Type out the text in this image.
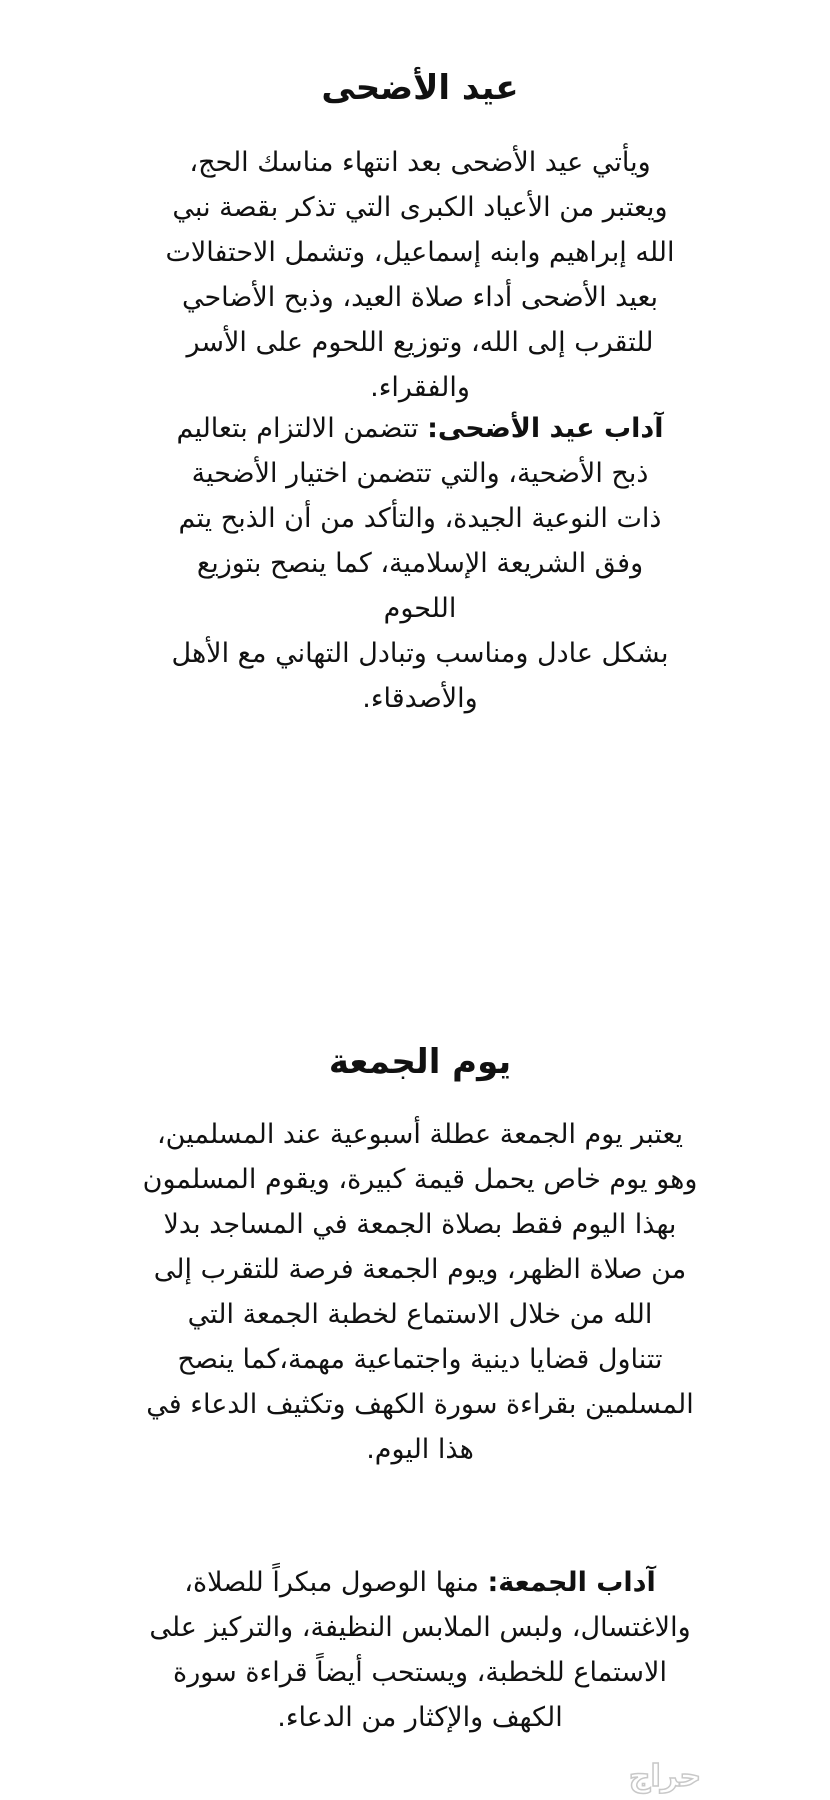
عيد الأضحى

ويأتي عيد الأضحى بعد انتهاء مناسك الحج،
ويعتبر من الأعياد الكبرى التي تذكر بقصة نبي
الله إبراهيم وابنه إسماعيل، وتشمل الاحتفالات
بعيد الأضحى أداء صلاة العيد، وذبح الأضاحي
للتقرب إلى الله، وتوزيع اللحوم على الأسر
والفقراء.

آداب عيد الأضحى: تتضمن الالتزام بتعاليم
ذبح الأضحية، والتي تتضمن اختيار الأضحية
ذات النوعية الجيدة، والتأكد من أن الذبح يتم
وفق الشريعة الإسلامية، كما ينصح بتوزيع
اللحوم
بشكل عادل ومناسب وتبادل التهاني مع الأهل
والأصدقاء.

يوم الجمعة

يعتبر يوم الجمعة عطلة أسبوعية عند المسلمين،
وهو يوم خاص يحمل قيمة كبيرة، ويقوم المسلمون
بهذا اليوم فقط بصلاة الجمعة في المساجد بدلا
من صلاة الظهر، ويوم الجمعة فرصة للتقرب إلى
الله من خلال الاستماع لخطبة الجمعة التي
تتناول قضايا دينية واجتماعية مهمة،كما ينصح
المسلمين بقراءة سورة الكهف وتكثيف الدعاء في
هذا اليوم.

آداب الجمعة: منها الوصول مبكراً للصلاة،
والاغتسال، ولبس الملابس النظيفة، والتركيز على
الاستماع للخطبة، ويستحب أيضاً قراءة سورة
الكهف والإكثار من الدعاء.

حراج
